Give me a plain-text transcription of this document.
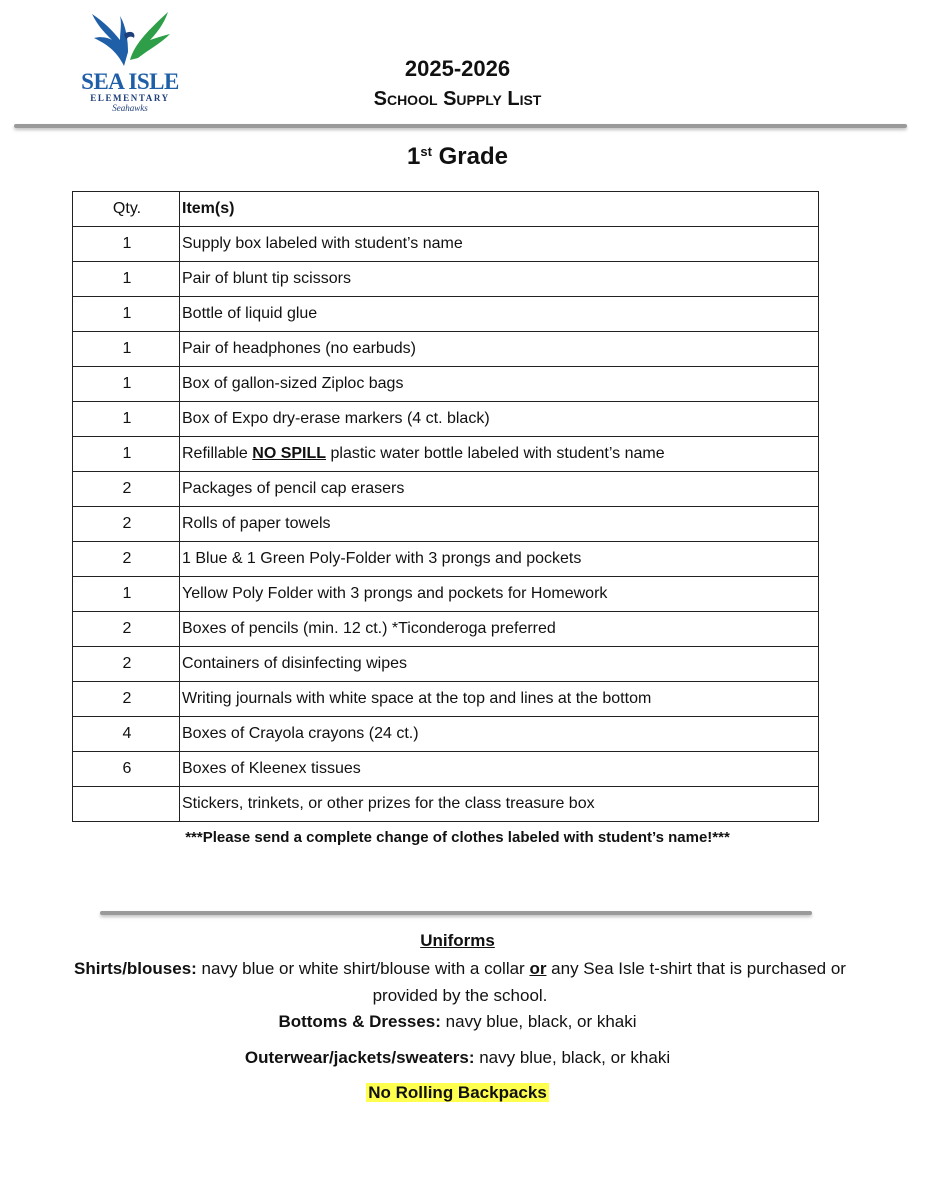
SEA ISLE
ELEMENTARY
Seahawks
2025-2026
School Supply List
1st Grade
Qty.	Item(s)
1	Supply box labeled with student’s name
1	Pair of blunt tip scissors
1	Bottle of liquid glue
1	Pair of headphones (no earbuds)
1	Box of gallon-sized Ziploc bags
1	Box of Expo dry-erase markers (4 ct. black)
1	Refillable NO SPILL plastic water bottle labeled with student’s name
2	Packages of pencil cap erasers
2	Rolls of paper towels
2	1 Blue & 1 Green Poly-Folder with 3 prongs and pockets
1	Yellow Poly Folder with 3 prongs and pockets for Homework
2	Boxes of pencils (min. 12 ct.) *Ticonderoga preferred
2	Containers of disinfecting wipes
2	Writing journals with white space at the top and lines at the bottom
4	Boxes of Crayola crayons (24 ct.)
6	Boxes of Kleenex tissues
	Stickers, trinkets, or other prizes for the class treasure box
***Please send a complete change of clothes labeled with student’s name!***
Uniforms
Shirts/blouses: navy blue or white shirt/blouse with a collar or any Sea Isle t-shirt that is purchased or provided by the school.
Bottoms & Dresses: navy blue, black, or khaki
Outerwear/jackets/sweaters: navy blue, black, or khaki
No Rolling Backpacks
